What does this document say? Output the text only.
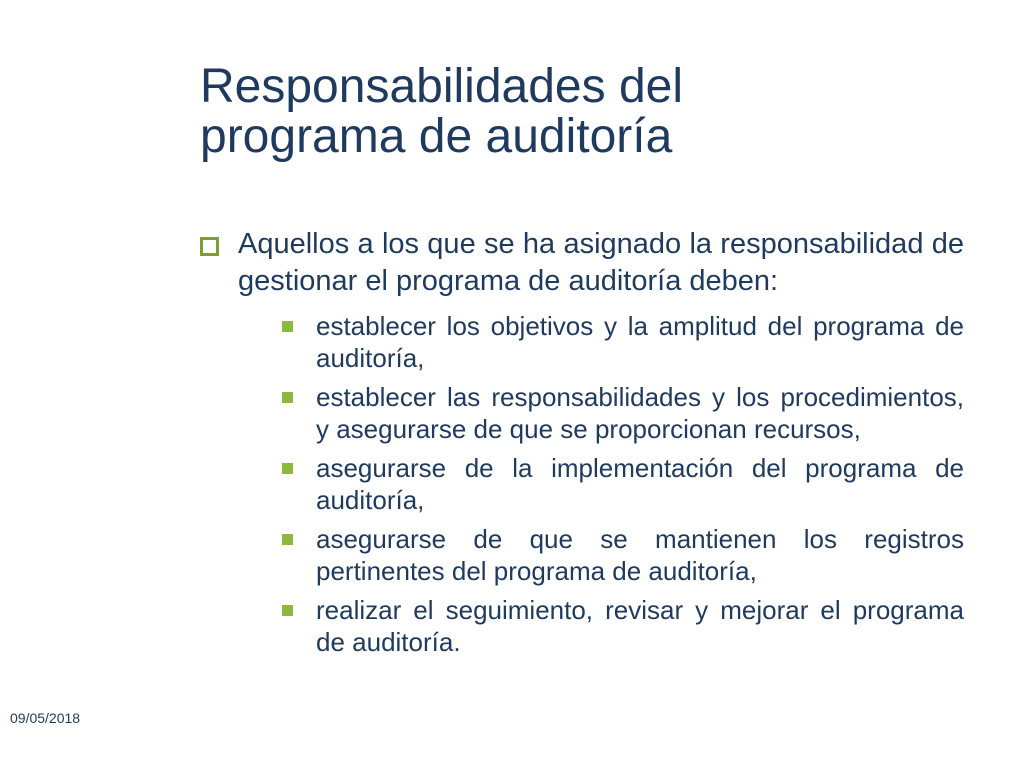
Responsabilidades del
programa de auditoría

Aquellos a los que se ha asignado la responsabilidad de gestionar el programa de auditoría deben:

establecer los objetivos y la amplitud del programa de auditoría,
establecer las responsabilidades y los procedimientos, y asegurarse de que se proporcionan recursos,
asegurarse de la implementación del programa de auditoría,
asegurarse de que se mantienen los registros pertinentes del programa de auditoría,
realizar el seguimiento, revisar y mejorar el programa de auditoría.
09/05/2018
